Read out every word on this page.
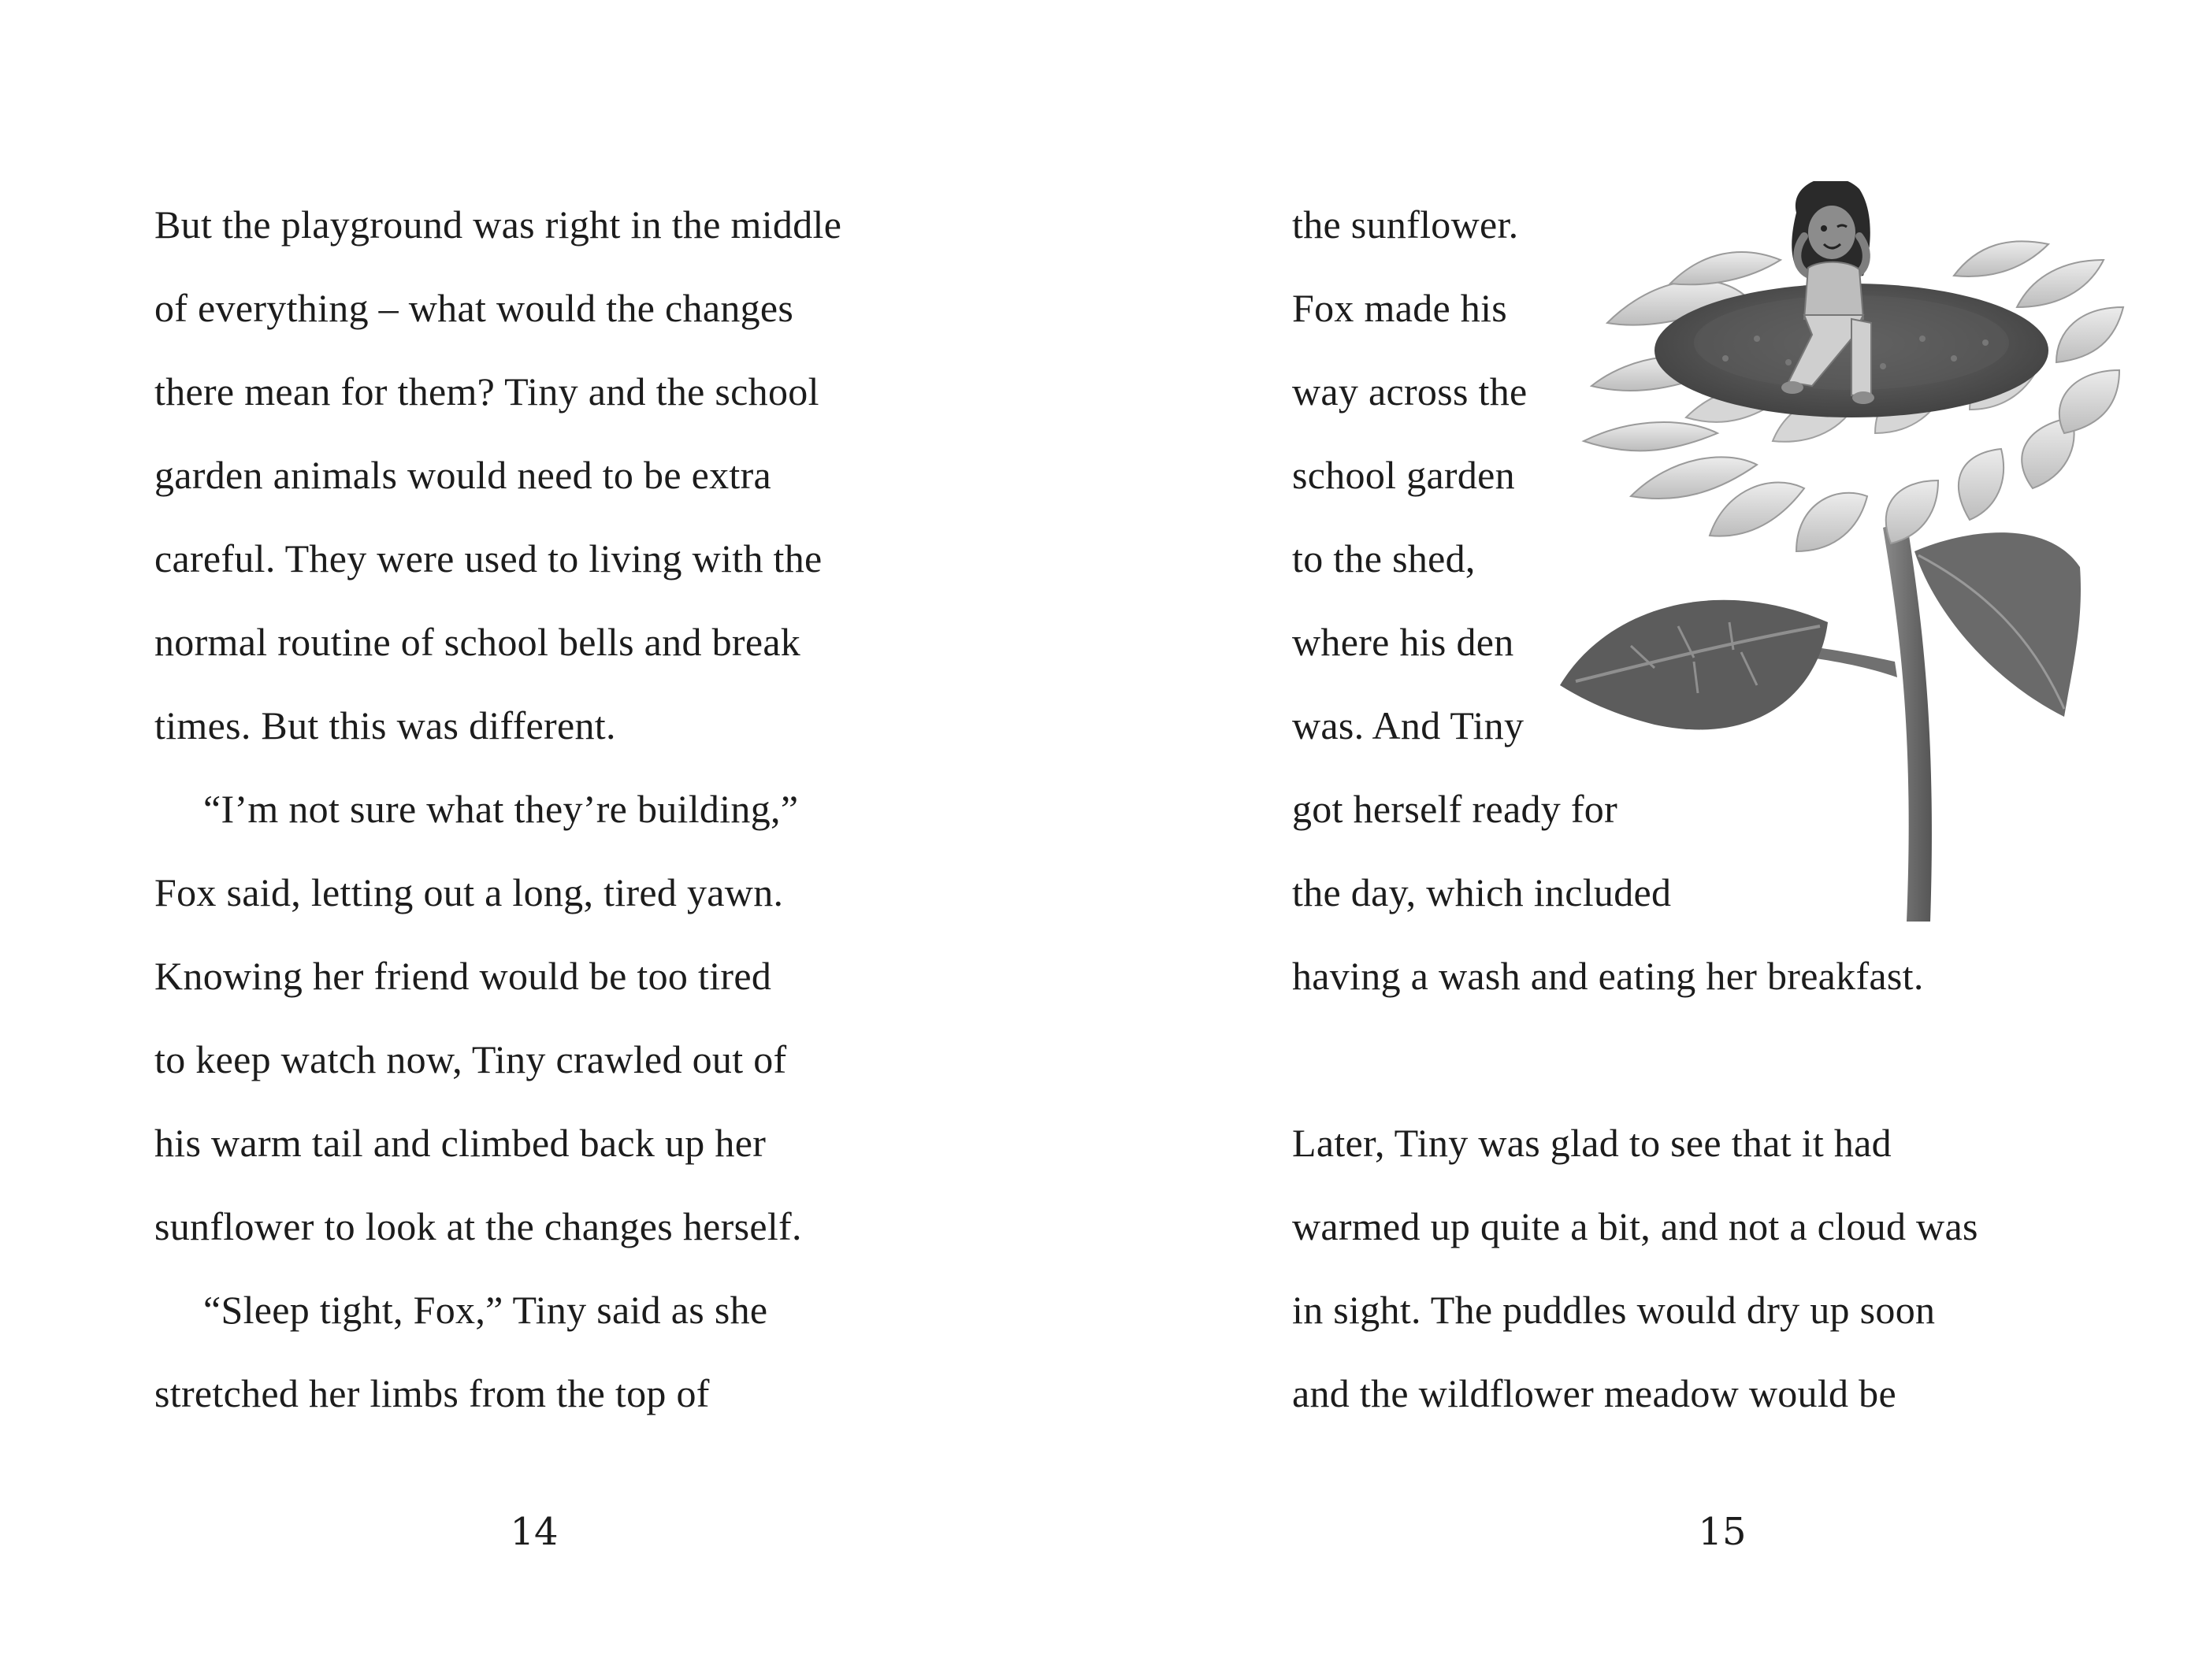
But the playground was right in the middle
of everything – what would the changes
there mean for them? Tiny and the school
garden animals would need to be extra
careful. They were used to living with the
normal routine of school bells and break
times. But this was different.
“I’m not sure what they’re building,”
Fox said, letting out a long, tired yawn.
Knowing her friend would be too tired
to keep watch now, Tiny crawled out of
his warm tail and climbed back up her
sunflower to look at the changes herself.
“Sleep tight, Fox,” Tiny said as she
stretched her limbs from the top of
14
the sunflower.
Fox made his
way across the
school garden
to the shed,
where his den
was. And Tiny
got herself ready for
the day, which included
having a wash and eating her breakfast.
Later, Tiny was glad to see that it had
warmed up quite a bit, and not a cloud was
in sight. The puddles would dry up soon
and the wildflower meadow would be
15
